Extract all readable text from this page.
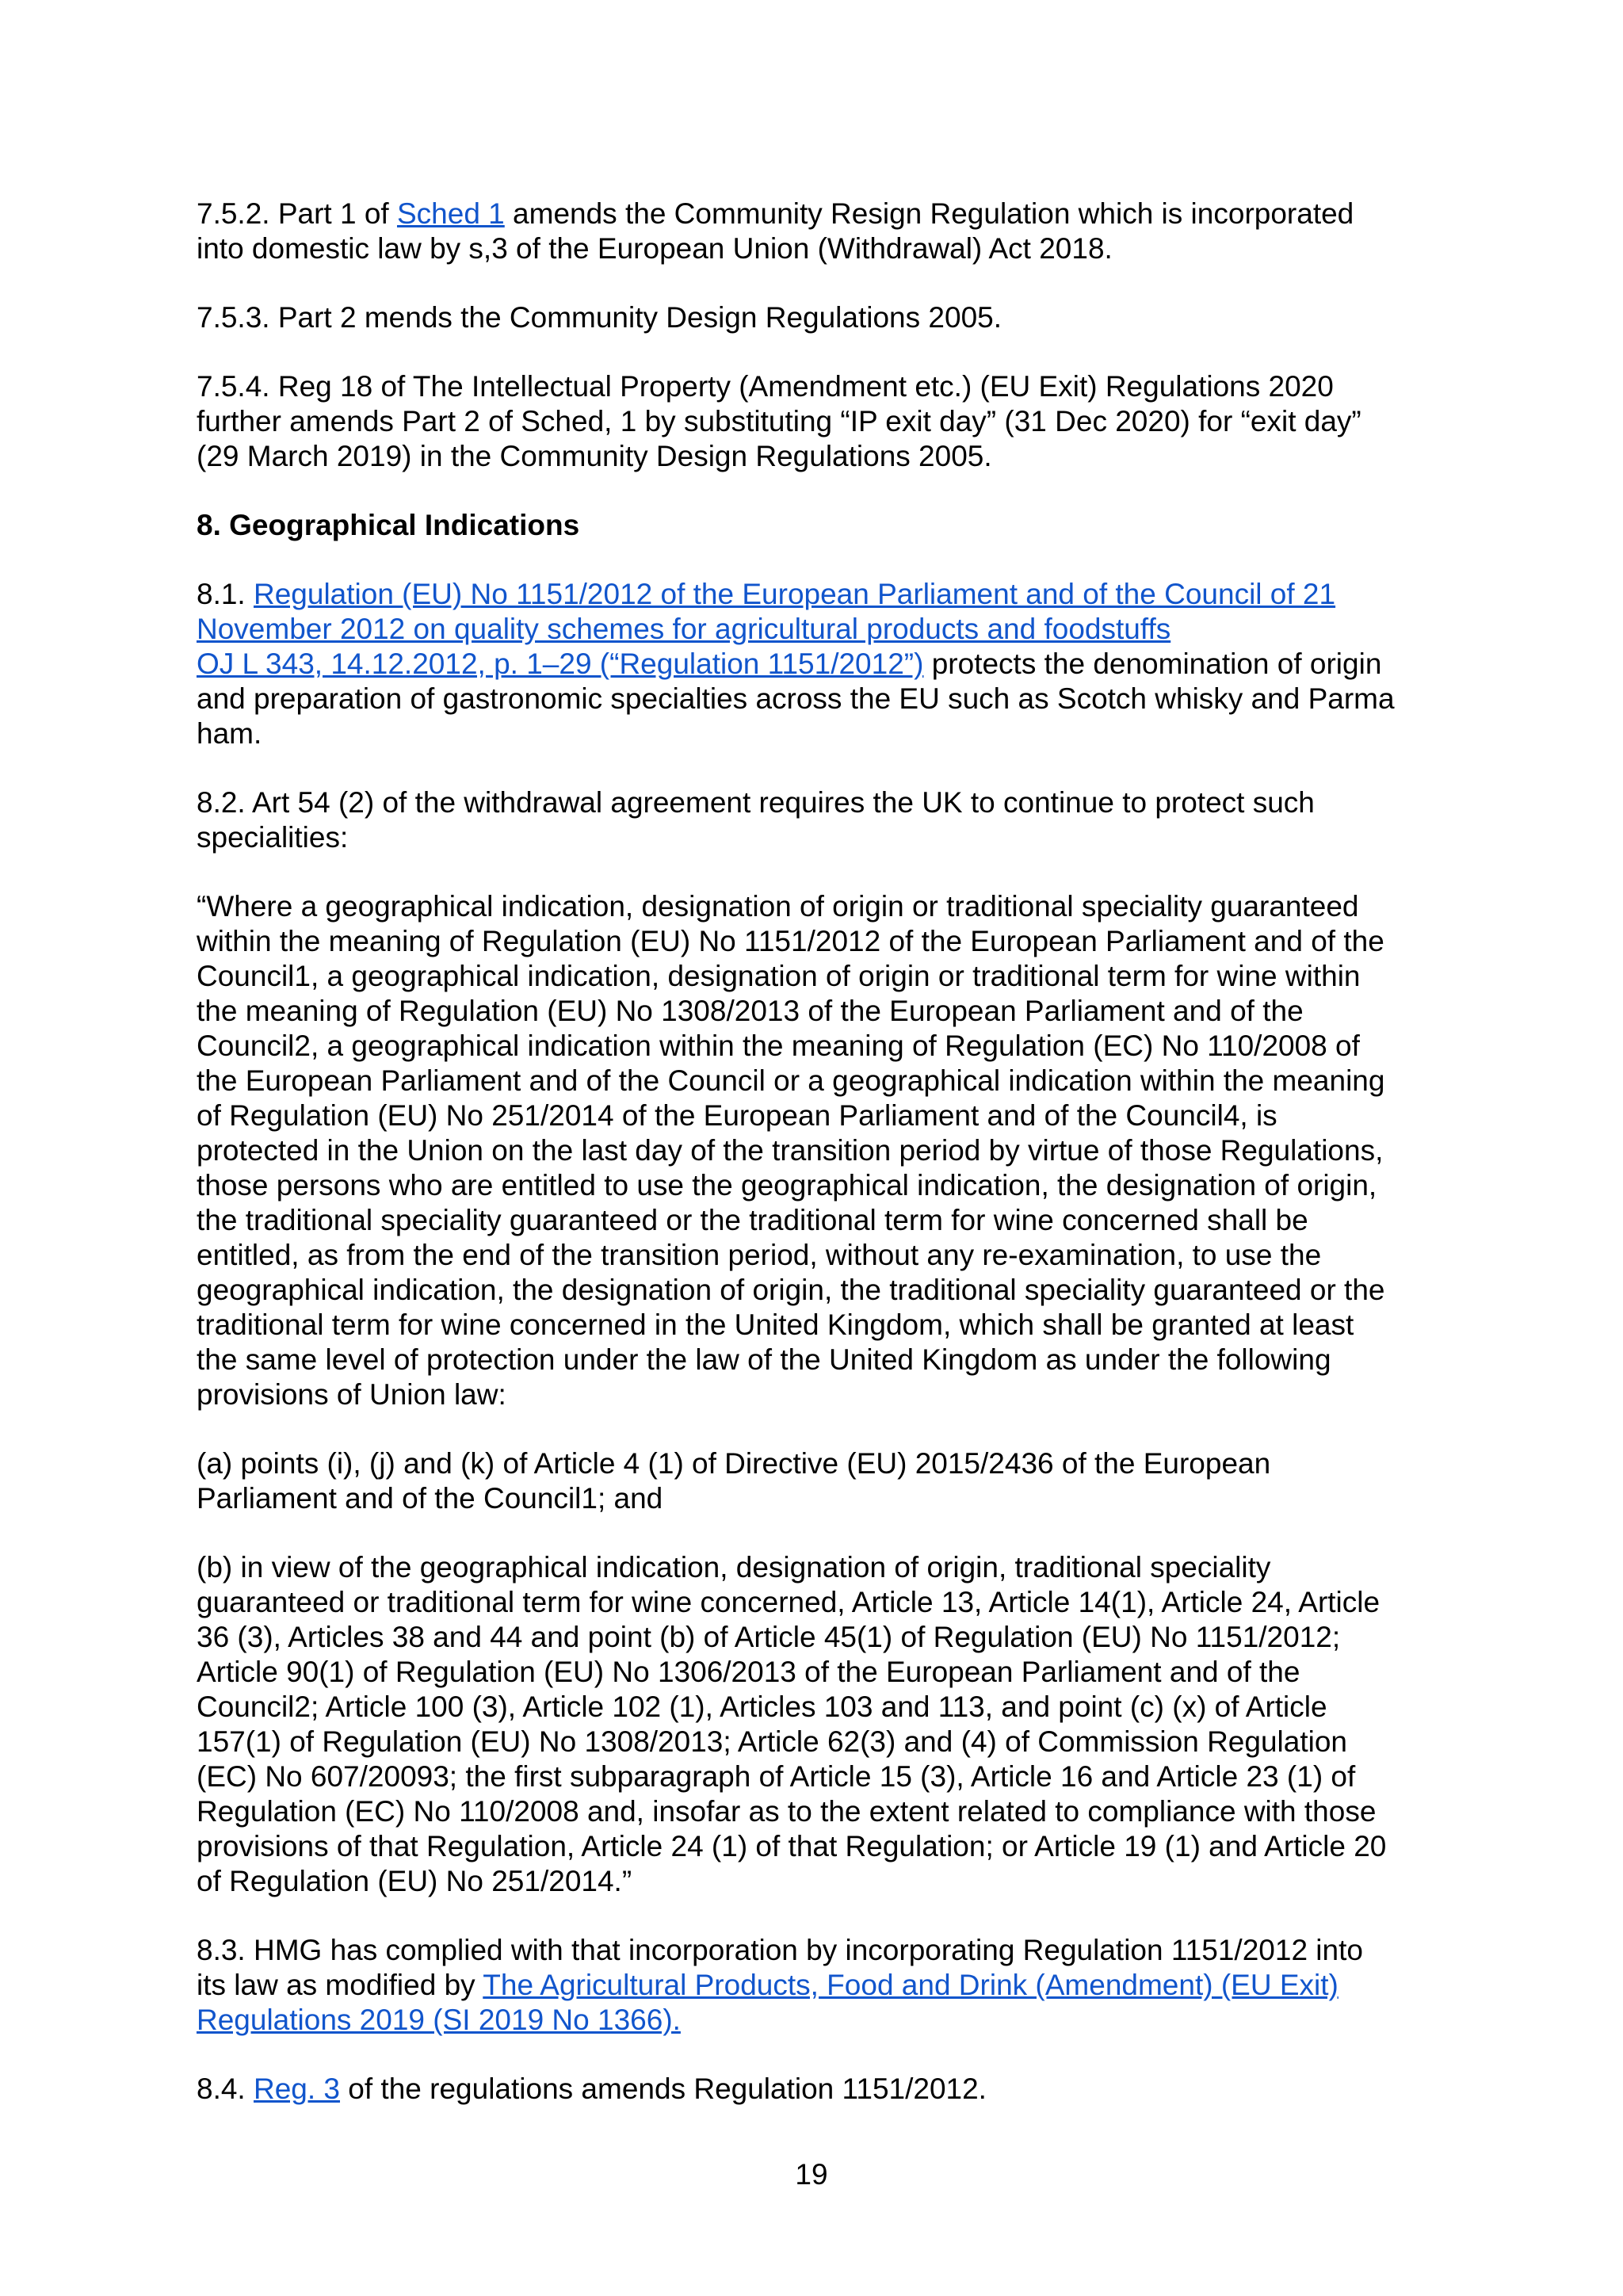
7.5.2. Part 1 of Sched 1 amends the Community Resign Regulation which is incorporated
into domestic law by s,3 of the European Union (Withdrawal) Act 2018.
7.5.3. Part 2 mends the Community Design Regulations 2005.
7.5.4. Reg 18 of The Intellectual Property (Amendment etc.) (EU Exit) Regulations 2020
further amends Part 2 of Sched, 1 by substituting “IP exit day” (31 Dec 2020) for “exit day”
(29 March 2019) in the Community Design Regulations 2005.
8. Geographical Indications
8.1. Regulation (EU) No 1151/2012 of the European Parliament and of the Council of 21
November 2012 on quality schemes for agricultural products and foodstuffs
OJ L 343, 14.12.2012, p. 1–29 (“Regulation 1151/2012”) protects the denomination of origin
and preparation of gastronomic specialties across the EU such as Scotch whisky and Parma
ham.
8.2. Art 54 (2) of the withdrawal agreement requires the UK to continue to protect such
specialities:
“Where a geographical indication, designation of origin or traditional speciality guaranteed
within the meaning of Regulation (EU) No 1151/2012 of the European Parliament and of the
Council1, a geographical indication, designation of origin or traditional term for wine within
the meaning of Regulation (EU) No 1308/2013 of the European Parliament and of the
Council2, a geographical indication within the meaning of Regulation (EC) No 110/2008 of
the European Parliament and of the Council or a geographical indication within the meaning
of Regulation (EU) No 251/2014 of the European Parliament and of the Council4, is
protected in the Union on the last day of the transition period by virtue of those Regulations,
those persons who are entitled to use the geographical indication, the designation of origin,
the traditional speciality guaranteed or the traditional term for wine concerned shall be
entitled, as from the end of the transition period, without any re-examination, to use the
geographical indication, the designation of origin, the traditional speciality guaranteed or the
traditional term for wine concerned in the United Kingdom, which shall be granted at least
the same level of protection under the law of the United Kingdom as under the following
provisions of Union law:
(a) points (i), (j) and (k) of Article 4 (1) of Directive (EU) 2015/2436 of the European
Parliament and of the Council1; and
(b) in view of the geographical indication, designation of origin, traditional speciality
guaranteed or traditional term for wine concerned, Article 13, Article 14(1), Article 24, Article
36 (3), Articles 38 and 44 and point (b) of Article 45(1) of Regulation (EU) No 1151/2012;
Article 90(1) of Regulation (EU) No 1306/2013 of the European Parliament and of the
Council2; Article 100 (3), Article 102 (1), Articles 103 and 113, and point (c) (x) of Article
157(1) of Regulation (EU) No 1308/2013; Article 62(3) and (4) of Commission Regulation
(EC) No 607/20093; the first subparagraph of Article 15 (3), Article 16 and Article 23 (1) of
Regulation (EC) No 110/2008 and, insofar as to the extent related to compliance with those
provisions of that Regulation, Article 24 (1) of that Regulation; or Article 19 (1) and Article 20
of Regulation (EU) No 251/2014.”
8.3. HMG has complied with that incorporation by incorporating Regulation 1151/2012 into
its law as modified by The Agricultural Products, Food and Drink (Amendment) (EU Exit)
Regulations 2019 (SI 2019 No 1366).
8.4. Reg. 3 of the regulations amends Regulation 1151/2012.
19
